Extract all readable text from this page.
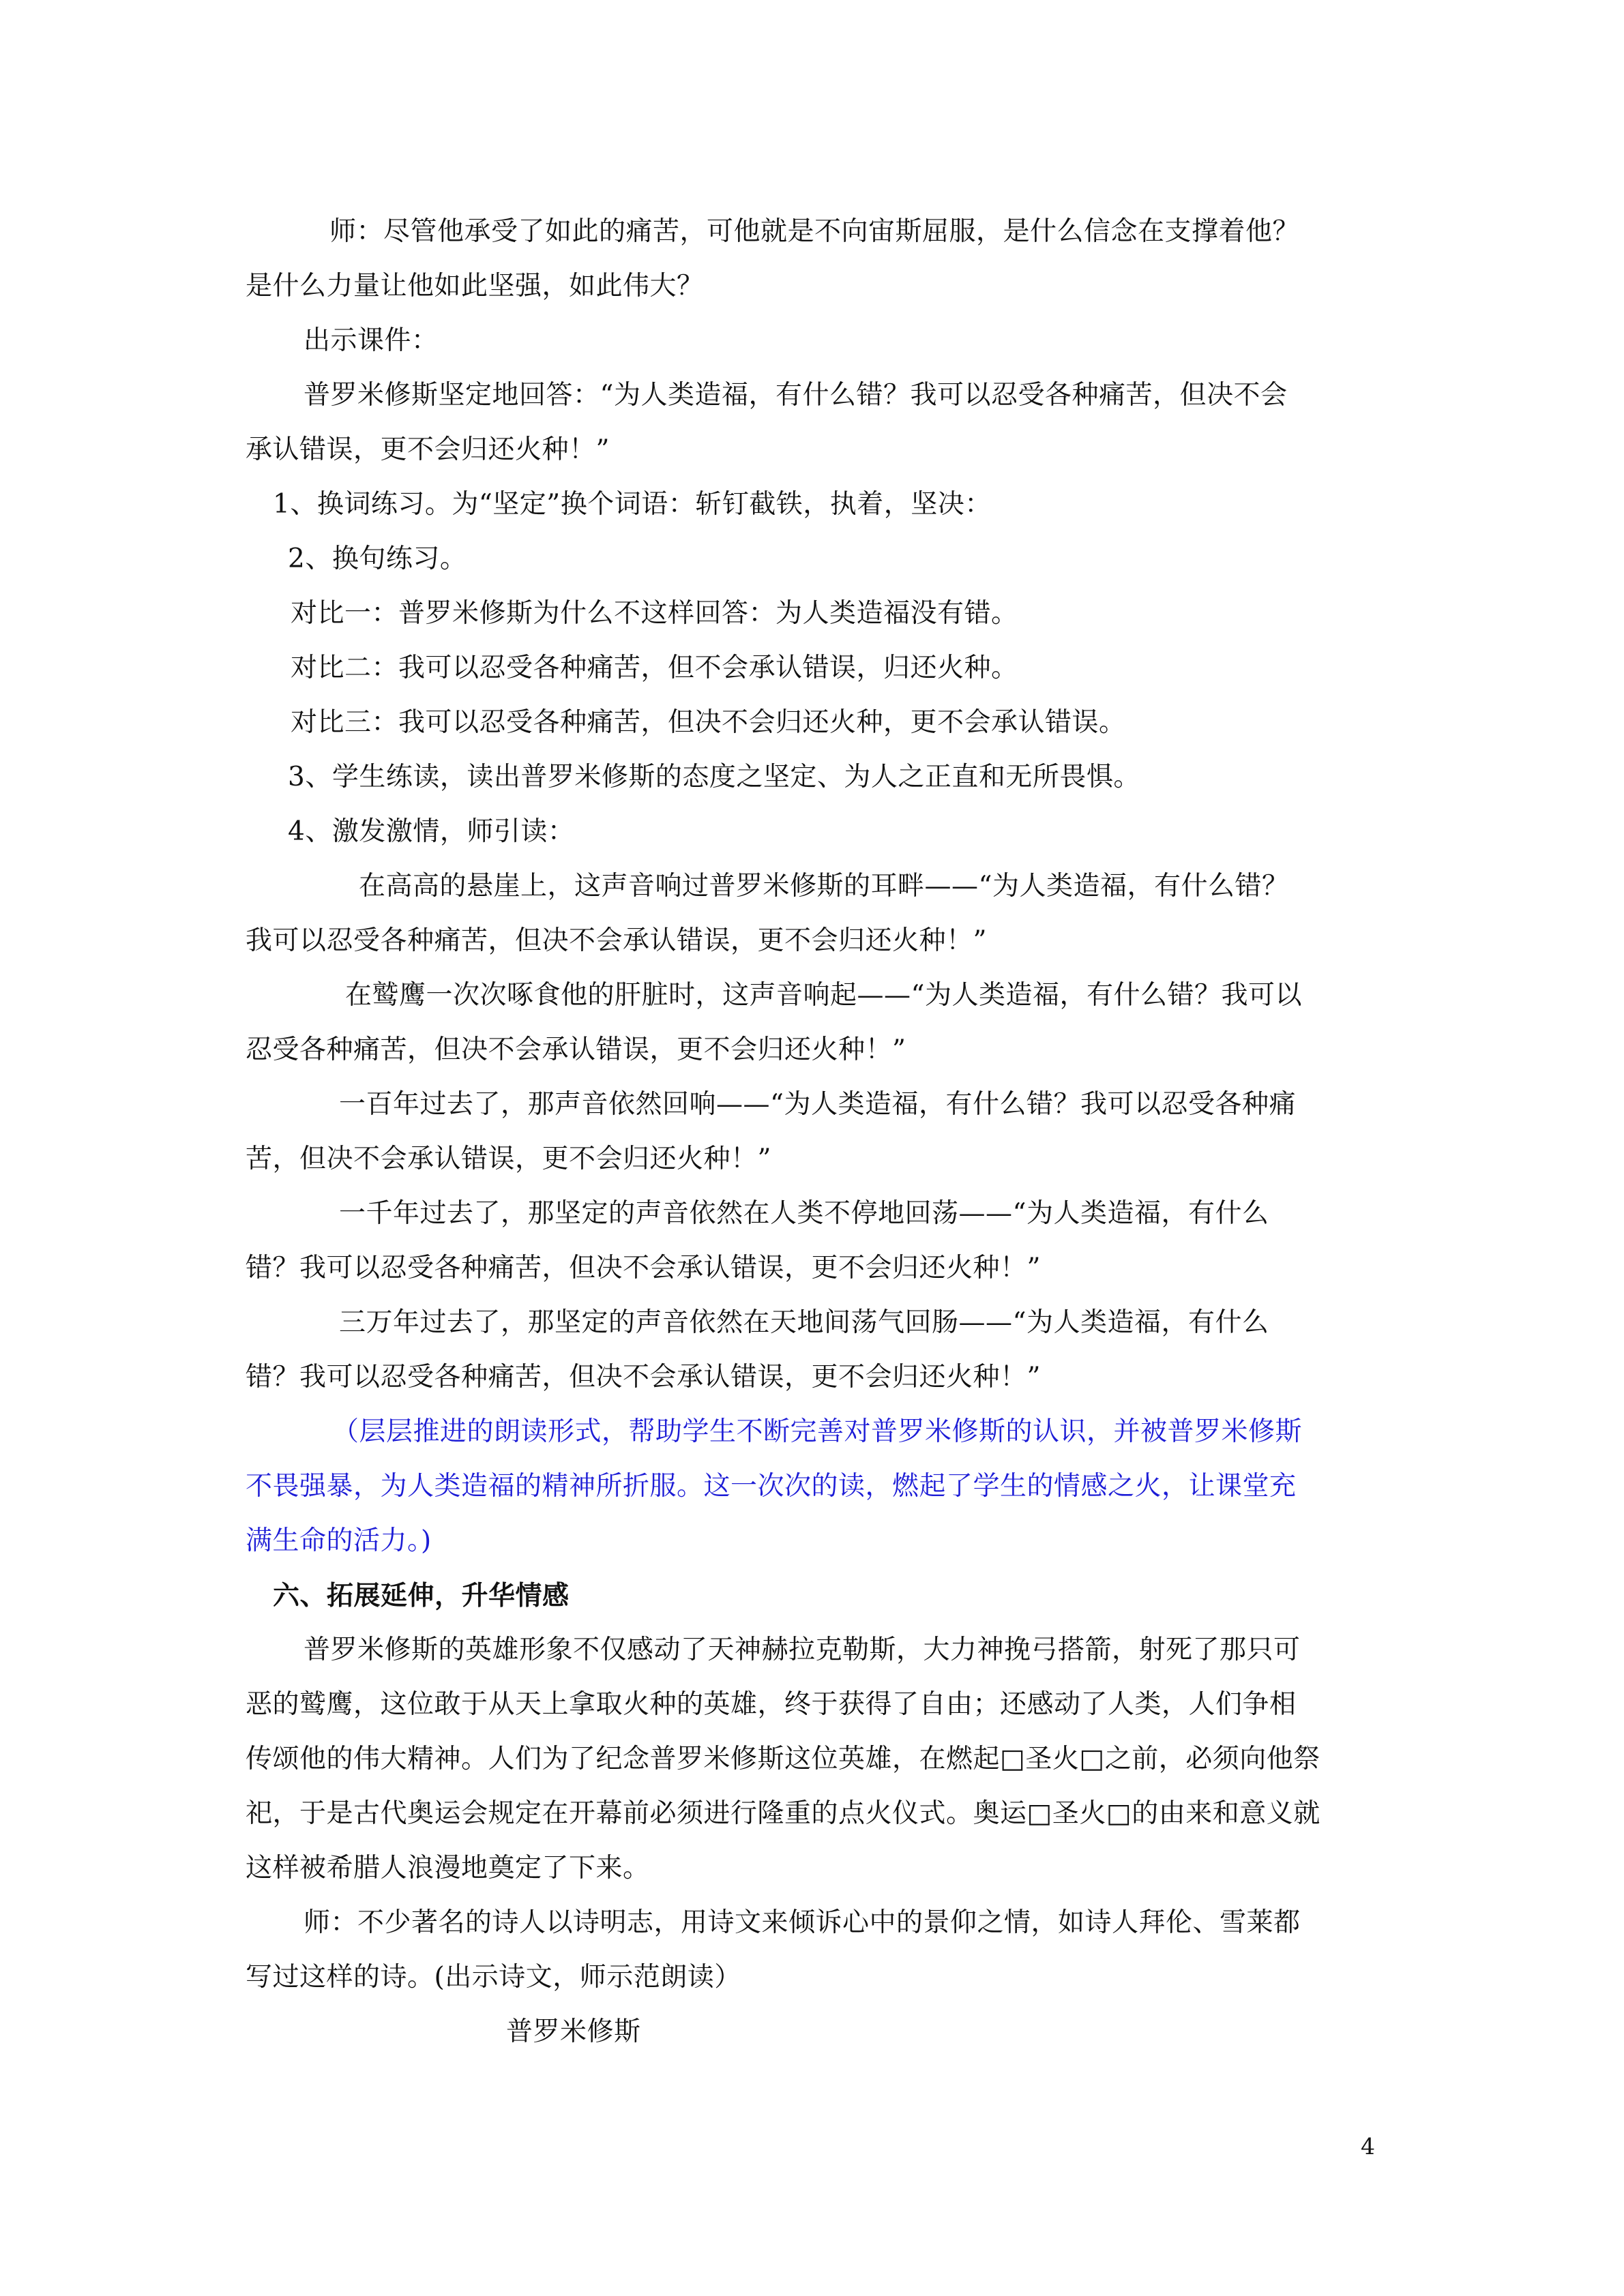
师：尽管他承受了如此的痛苦，可他就是不向宙斯屈服，是什么信念在支撑着他？
是什么力量让他如此坚强，如此伟大？
出示课件：
普罗米修斯坚定地回答：“为人类造福，有什么错？我可以忍受各种痛苦，但决不会
承认错误，更不会归还火种！”
1、换词练习。为“坚定”换个词语：斩钉截铁，执着，坚决：
2、换句练习。
对比一：普罗米修斯为什么不这样回答：为人类造福没有错。
对比二：我可以忍受各种痛苦，但不会承认错误，归还火种。
对比三：我可以忍受各种痛苦，但决不会归还火种，更不会承认错误。
3、学生练读，读出普罗米修斯的态度之坚定、为人之正直和无所畏惧。
4、激发激情，师引读：
在高高的悬崖上，这声音响过普罗米修斯的耳畔——“为人类造福，有什么错？
我可以忍受各种痛苦，但决不会承认错误，更不会归还火种！”
在鹫鹰一次次啄食他的肝脏时，这声音响起——“为人类造福，有什么错？我可以
忍受各种痛苦，但决不会承认错误，更不会归还火种！”
一百年过去了，那声音依然回响——“为人类造福，有什么错？我可以忍受各种痛
苦，但决不会承认错误，更不会归还火种！”
一千年过去了，那坚定的声音依然在人类不停地回荡——“为人类造福，有什么
错？我可以忍受各种痛苦，但决不会承认错误，更不会归还火种！”
三万年过去了，那坚定的声音依然在天地间荡气回肠——“为人类造福，有什么
错？我可以忍受各种痛苦，但决不会承认错误，更不会归还火种！”
（层层推进的朗读形式，帮助学生不断完善对普罗米修斯的认识，并被普罗米修斯
不畏强暴，为人类造福的精神所折服。这一次次的读，燃起了学生的情感之火，让课堂充
满生命的活力。)
六、拓展延伸，升华情感
普罗米修斯的英雄形象不仅感动了天神赫拉克勒斯，大力神挽弓搭箭，射死了那只可
恶的鹫鹰，这位敢于从天上拿取火种的英雄，终于获得了自由；还感动了人类，人们争相
传颂他的伟大精神。人们为了纪念普罗米修斯这位英雄，在燃起□圣火□之前，必须向他祭
祀，于是古代奥运会规定在开幕前必须进行隆重的点火仪式。奥运□圣火□的由来和意义就
这样被希腊人浪漫地奠定了下来。
师：不少著名的诗人以诗明志，用诗文来倾诉心中的景仰之情，如诗人拜伦、雪莱都
写过这样的诗。(出示诗文，师示范朗读）
普罗米修斯
4
